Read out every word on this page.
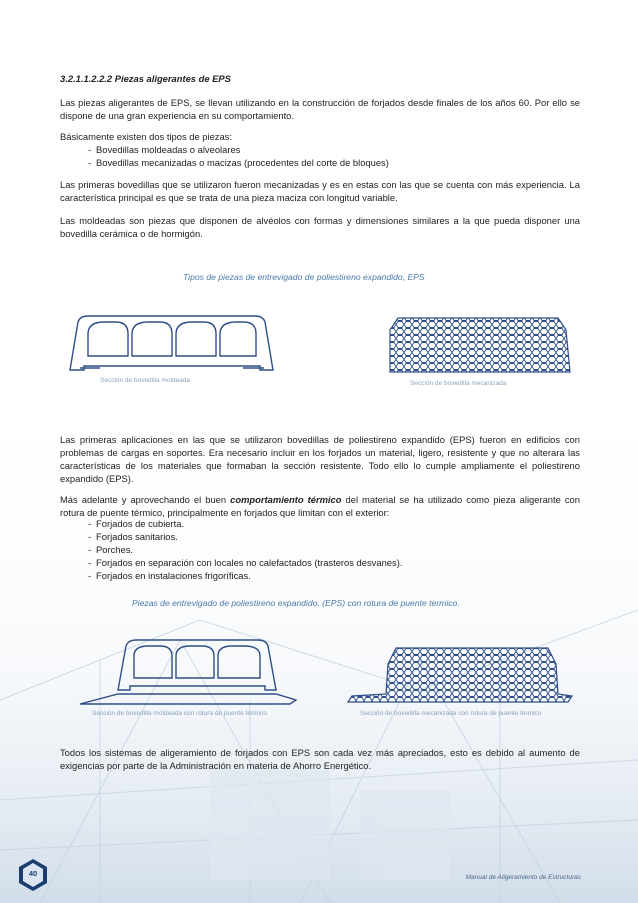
3.2.1.1.2.2.2 Piezas aligerantes de EPS

Las piezas aligerantes de EPS, se llevan utilizando en la construcción de forjados desde finales de los años 60. Por ello se dispone de una gran experiencia en su comportamiento.

Básicamente existen dos tipos de piezas:

- Bovedillas moldeadas o alveolares
- Bovedillas mecanizadas o macizas (procedentes del corte de bloques)

Las primeras bovedillas que se utilizaron fueron mecanizadas y es en estas con las que se cuenta con más experiencia. La característica principal es que se trata de una pieza maciza con longitud variable.

Las moldeadas son piezas que disponen de alvéolos con formas y dimensiones similares a la que pueda disponer una bovedilla cerámica o de hormigón.

Tipos de piezas de entrevigado de poliestireno expandido, EPS

Las primeras aplicaciones en las que se utilizaron bovedillas de poliestireno expandido (EPS) fueron en edificios con problemas de cargas en soportes. Era necesario incluir en los forjados un material, ligero, resistente y que no alterara las características de los materiales que formaban la sección resistente. Todo ello lo cumple ampliamente el poliestireno expandido (EPS).

Más adelante y aprovechando el buen comportamiento térmico del material se ha utilizado como pieza aligerante con rotura de puente térmico, principalmente en forjados que limitan con el exterior:

- Forjados de cubierta.
- Forjados sanitarios.
- Porches.
- Forjados en separación con locales no calefactados (trasteros desvanes).
- Forjados en instalaciones frigoríficas.
Piezas de entrevigado de poliestireno expandido, (EPS) con rotura de puente termico.

Todos los sistemas de aligeramiento de forjados con EPS son cada vez más apreciados, esto es debido al aumento de exigencias por parte de la Administración en materia de Ahorro Energético.

Sección de bovedilla moldeada	Sección de bovedilla mecanizada
Sección de bovedilla moldeada con rotura de puente térmico	Sección de bovedilla mecanizada con rotura de puente térmico
40	Manual de Aligeramiento de Estructuras
